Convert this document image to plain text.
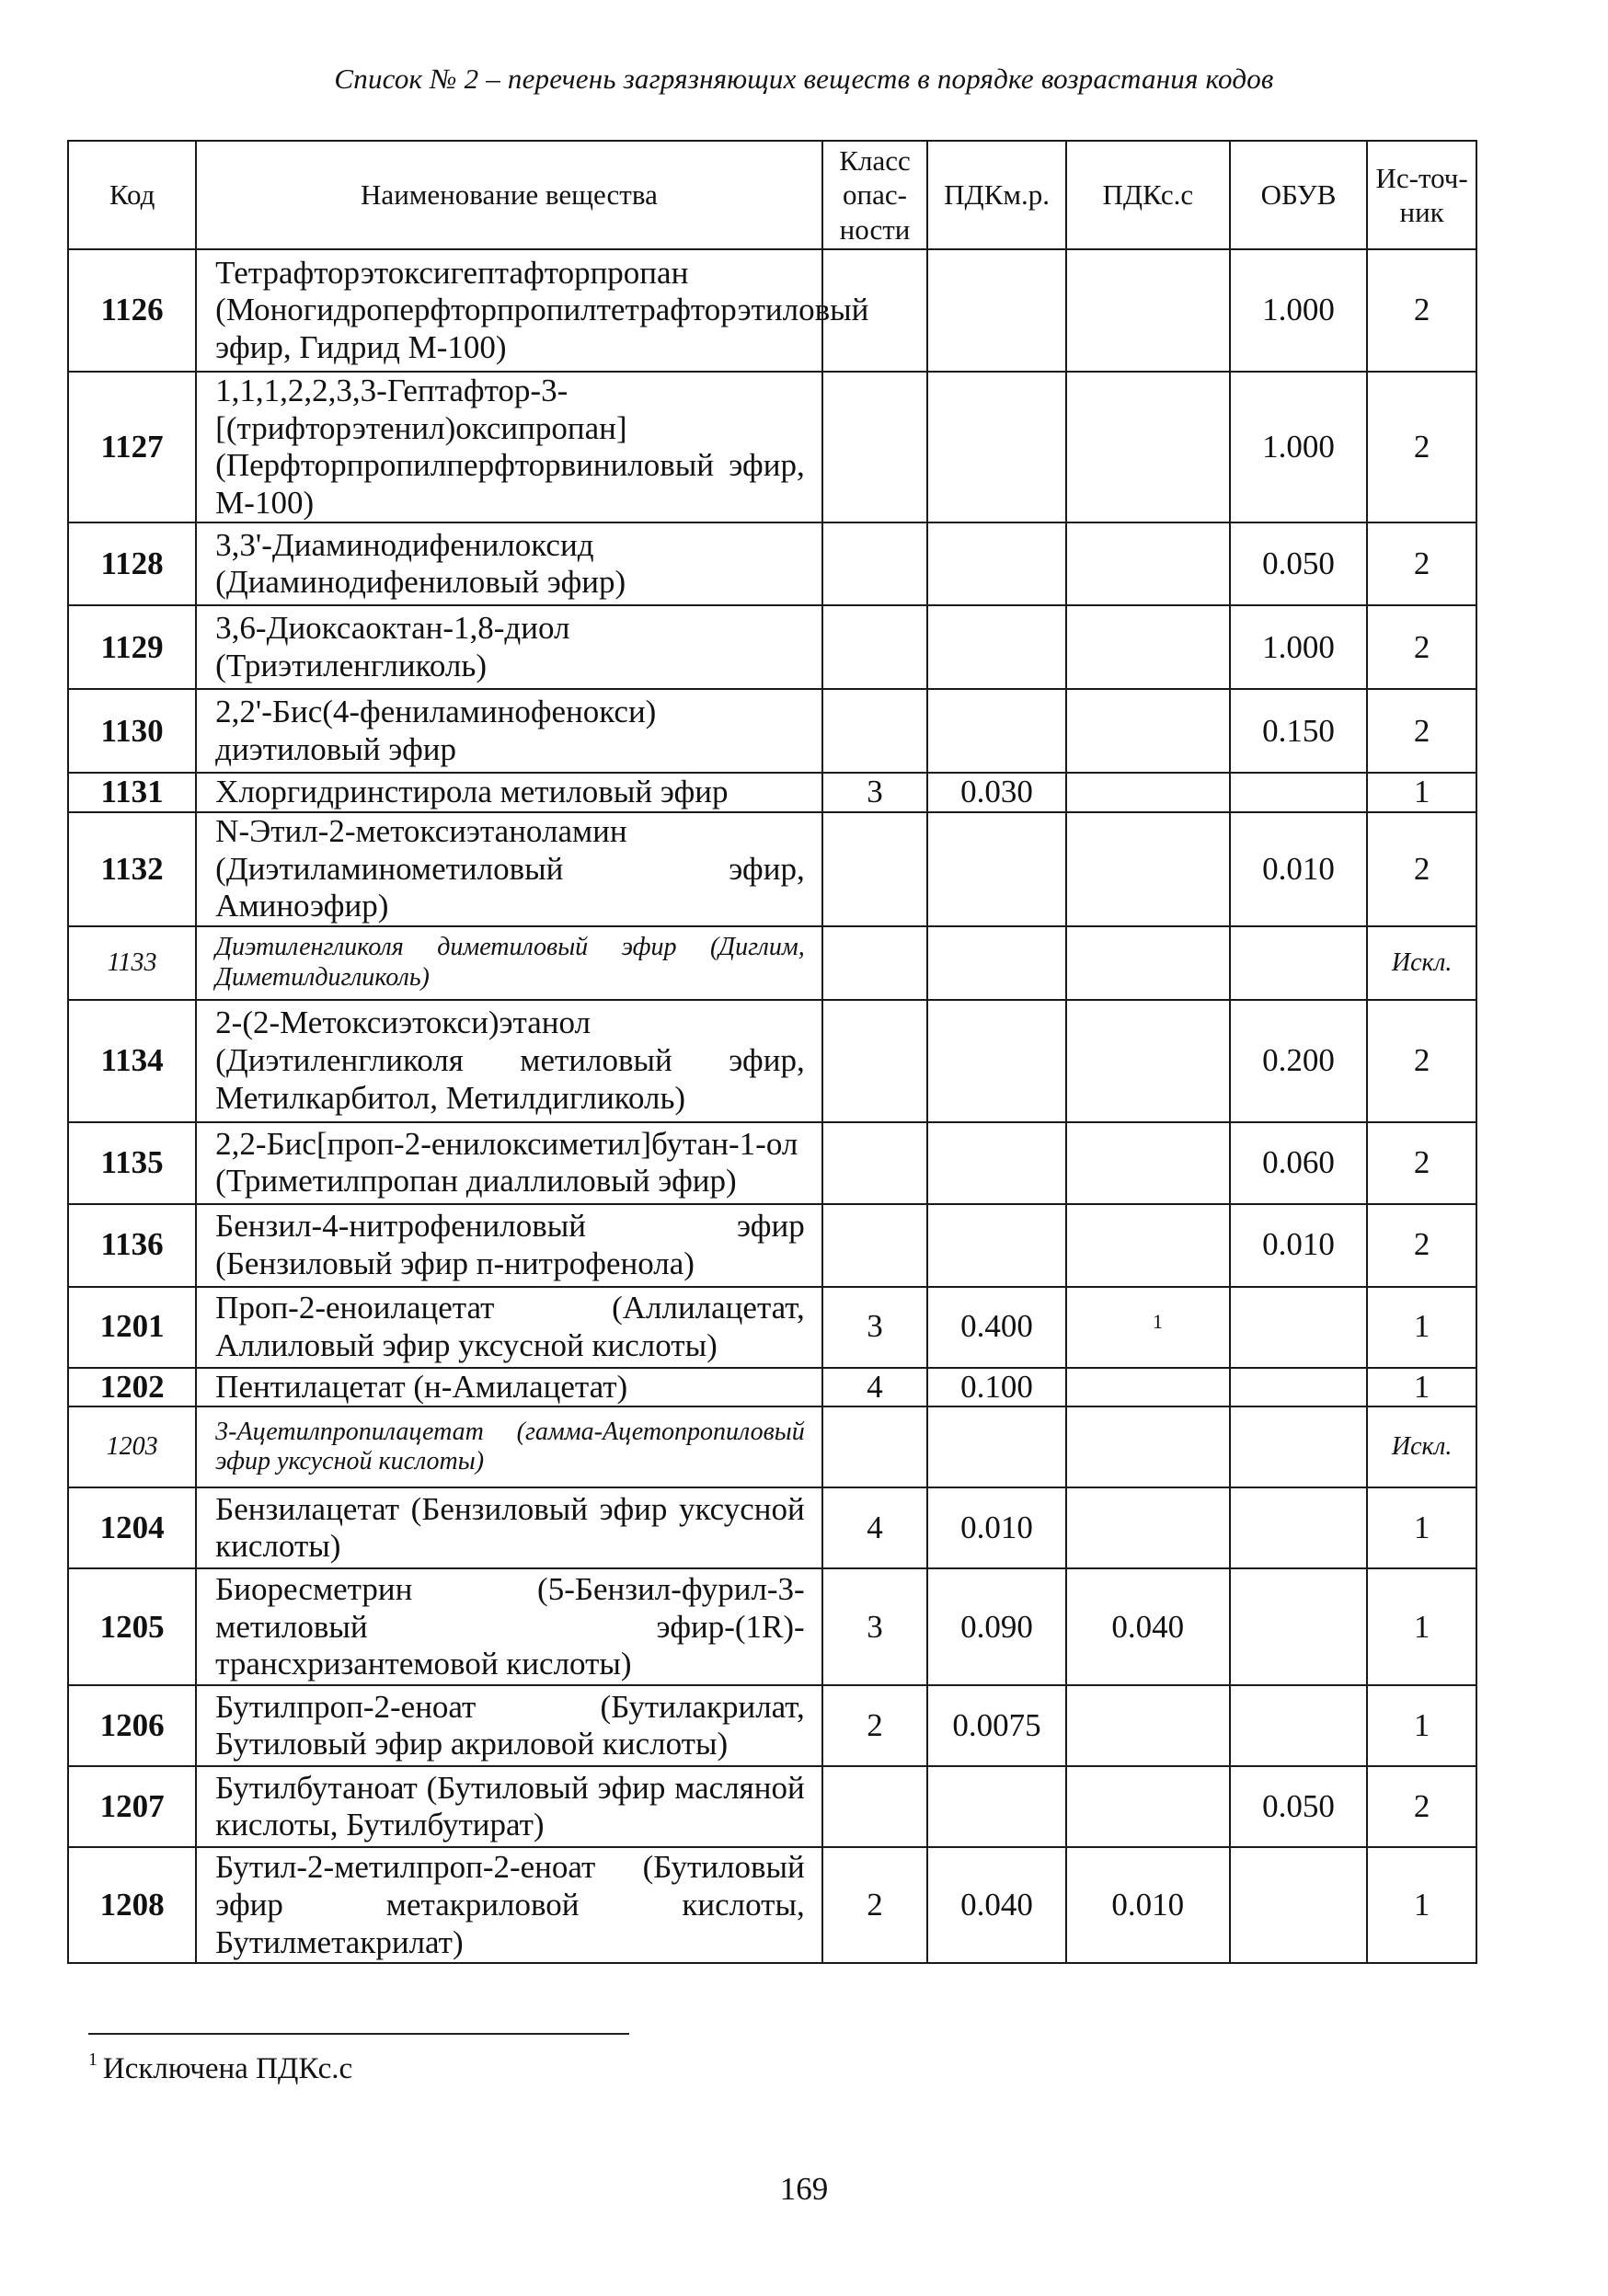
Список № 2 – перечень загрязняющих веществ в порядке возрастания кодов
Код	Наименование вещества	Класс опас-ности	ПДКм.р.	ПДКс.с	ОБУВ	Ис-точ-ник
1126	Тетрафторэтоксигептафторпропан (Моногидроперфторпропилтетрафторэтиловый эфир, Гидрид М-100)				1.000	2
1127	1,1,1,2,2,3,3-Гептафтор-3-[(трифторэтенил)оксипропан] (Перфторпропилперфторвиниловый эфир, М-100)				1.000	2
1128	3,3'-Диаминодифенилоксид (Диаминодифениловый эфир)				0.050	2
1129	3,6-Диоксаоктан-1,8-диол (Триэтиленгликоль)				1.000	2
1130	2,2'-Бис(4-фениламинофенокси) диэтиловый эфир				0.150	2
1131	Хлоргидринстирола метиловый эфир	3	0.030			1
1132	N-Этил-2-метоксиэтаноламин (Диэтиламинометиловый эфир, Аминоэфир)				0.010	2
1133	Диэтиленгликоля диметиловый эфир (Диглим, Диметилдигликоль)					Искл.
1134	2-(2-Метоксиэтокси)этанол (Диэтиленгликоля метиловый эфир, Метилкарбитол, Метилдигликоль)				0.200	2
1135	2,2-Бис[проп-2-енилоксиметил]бутан-1-ол (Триметилпропан диаллиловый эфир)				0.060	2
1136	Бензил-4-нитрофениловый эфир (Бензиловый эфир п-нитрофенола)				0.010	2
1201	Проп-2-еноилацетат (Аллилацетат, Аллиловый эфир уксусной кислоты)	3	0.400			1
1202	Пентилацетат (н-Амилацетат)	4	0.100			1
1203	3-Ацетилпропилацетат (гамма-Ацетопропиловый эфир уксусной кислоты)					Искл.
1204	Бензилацетат (Бензиловый эфир уксусной кислоты)	4	0.010			1
1205	Биоресметрин (5-Бензил-фурил-3-метиловый эфир-(1R)-трансхризантемовой кислоты)	3	0.090	0.040		1
1206	Бутилпроп-2-еноат (Бутилакрилат, Бутиловый эфир акриловой кислоты)	2	0.0075			1
1207	Бутилбутаноат (Бутиловый эфир масляной кислоты, Бутилбутират)				0.050	2
1208	Бутил-2-метилпроп-2-еноат (Бутиловый эфир метакриловой кислоты, Бутилметакрилат)	2	0.040	0.010		1
1
$^1$ Исключена ПДКс.с
169
